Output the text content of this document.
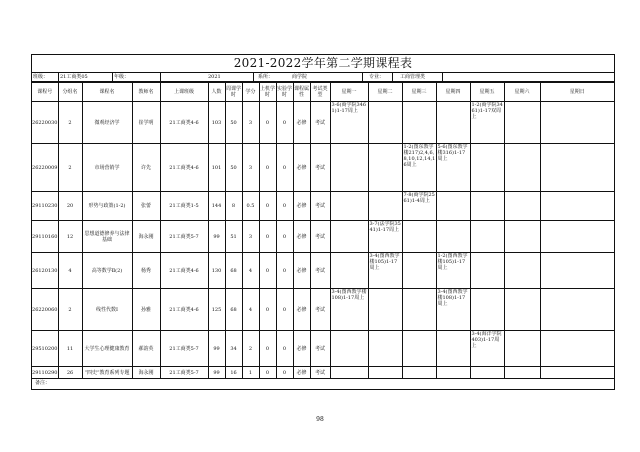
2021-2022学年第二学期课程表
班级： 21工商类05	年级：	2021	系所：	商学院	专业：	工商管理类
课程号	分组名	课程名	教师名	上课班级	人数	周课学时	学分	上机学时	实验学时	课程属性	考试类型	星期一	星期二	星期三	星期四	星期五	星期六	星期日
26220030	2	微观经济学	崔学明	21工商类4-6	103	50	3	0	0	必修	考试	3-6(商学院3461)1-17周上				1-2(商学院3461)1-17双周上		
26220009	2	市场营销学	许先	21工商类4-6	101	50	3	0	0	必修	考试			1-2(图东教学楼217)2,4,6,8,10,12,14,16周上	5-6(图东教学楼316)1-17周上			
29110230	20	形势与政策(1-2)	张蕾	21工商类1-5	144	8	0.5	0	0	必修	考试			7-8(商学院2561)1-4周上				
29110160	12	思想道德修养与法律基础	海永刚	21工商类5-7	99	51	3	0	0	必修	考试		3-7(法学院3541)1-17周上					
26120130	4	高等数学Ⅱ(2)	杨秀	21工商类4-6	130	68	4	0	0	必修	考试		3-4(图西教学楼105)1-17周上		1-2(图西教学楼105)1-17周上			
26220060	2	线性代数Ⅰ	孙雅	21工商类4-6	125	68	4	0	0	必修	考试	3-4(图西教学楼108)1-17周上			3-4(图西教学楼108)1-17周上			
29510200	11	大学生心理健康教育	郝韵英	21工商类5-7	99	34	2	0	0	必修	考试					3-4(海洋学院403)1-17周上		
29110290	26	“四史”教育系列专题	海永刚	21工商类5-7	99	16	1	0	0	必修	考试							
备注：																		
98
